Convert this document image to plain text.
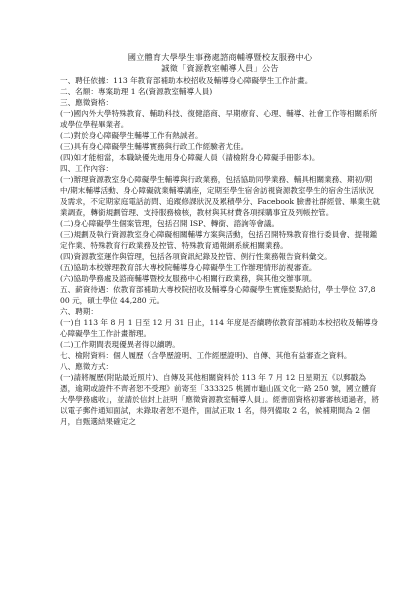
國立體育大學學生事務處諮商輔導暨校友服務中心

誠徵「資源教室輔導人員」公告

一、聘任依據：113 年教育部補助本校招收及輔導身心障礙學生工作計畫。
二、名額：專案助理 1 名(資源教室輔導人員)
三、應徵資格：
(一)國內外大學特殊教育、輔助科技、復健諮商、早期療育、心理、輔導、社會工作等相關系所或學位學程畢業者。
(二)對於身心障礙學生輔導工作有熱誠者。
(三)具有身心障礙學生輔導實務與行政工作經驗者尤佳。
(四)如才能相當，本職缺優先進用身心障礙人員（請檢附身心障礙手冊影本)。
四、工作內容：
(一)辦理資源教室身心障礙學生輔導與行政業務，包括協助同學業務、輔具相關業務、期初/期中/期末輔導活動、身心障礙就業輔導講座，定期至學生宿舍訪視資源教室學生的宿舍生活狀況及需求，不定期家庭電話訪問、追蹤修課狀況及累積學分、Facebook 臉書社群經營、畢業生就業調查，轉銜規劃管理、支持服務檢核，教材與其材費各項採購事宜及列帳控管。
(二)身心障礙學生個案管理，包括召開 ISP、轉銜、諮詢等會議。
(三)規劃及執行資源教室身心障礙相關輔導方案與活動，包括召開特殊教育推行委員會、提報鑑定作業、特殊教育行政業務及控管、特殊教育通報網系統相關業務。
(四)資源教室運作與管理，包括各項資訊紀錄及控管、例行性業務報告資料彙交。
(五)協助本校辦理教育部大專校院輔導身心障礙學生工作辦理情形訪視審查。
(六)協助學務處及諮商輔導暨校友服務中心相關行政業務，與其他交辦事項。
五、薪資待遇：依教育部補助大專校院招收及輔導身心障礙學生實施要點給付，學士學位 37,800 元，碩士學位 44,280 元。
六、聘期：
(一)自 113 年 8 月 1 日至 12 月 31 日止，114 年度是否續聘依教育部補助本校招收及輔導身心障礙學生工作計畫辦理。
(二)工作期間表現優異者得以續聘。
七、檢附資料：個人履歷（含學歷證明、工作經歷證明)、自傳、其他有益審查之資料。
八、應徵方式：
(一)請將履歷(附貼最近照片)、自傳及其他相關資料於 113 年 7 月 12 日星期五《以郵戳為憑，逾期或證件不齊者恕不受理》前寄至「333325 桃園市龜山區文化一路 250 號，國立體育大學學務處收」，並請於信封上註明「應徵資源教室輔導人員」。經書面資格初審審核通過者，將以電子郵件通知面試，未錄取者恕不退件，面試正取 1 名，得列備取 2 名，候補期間為 2 個月，自甄選結果確定之
